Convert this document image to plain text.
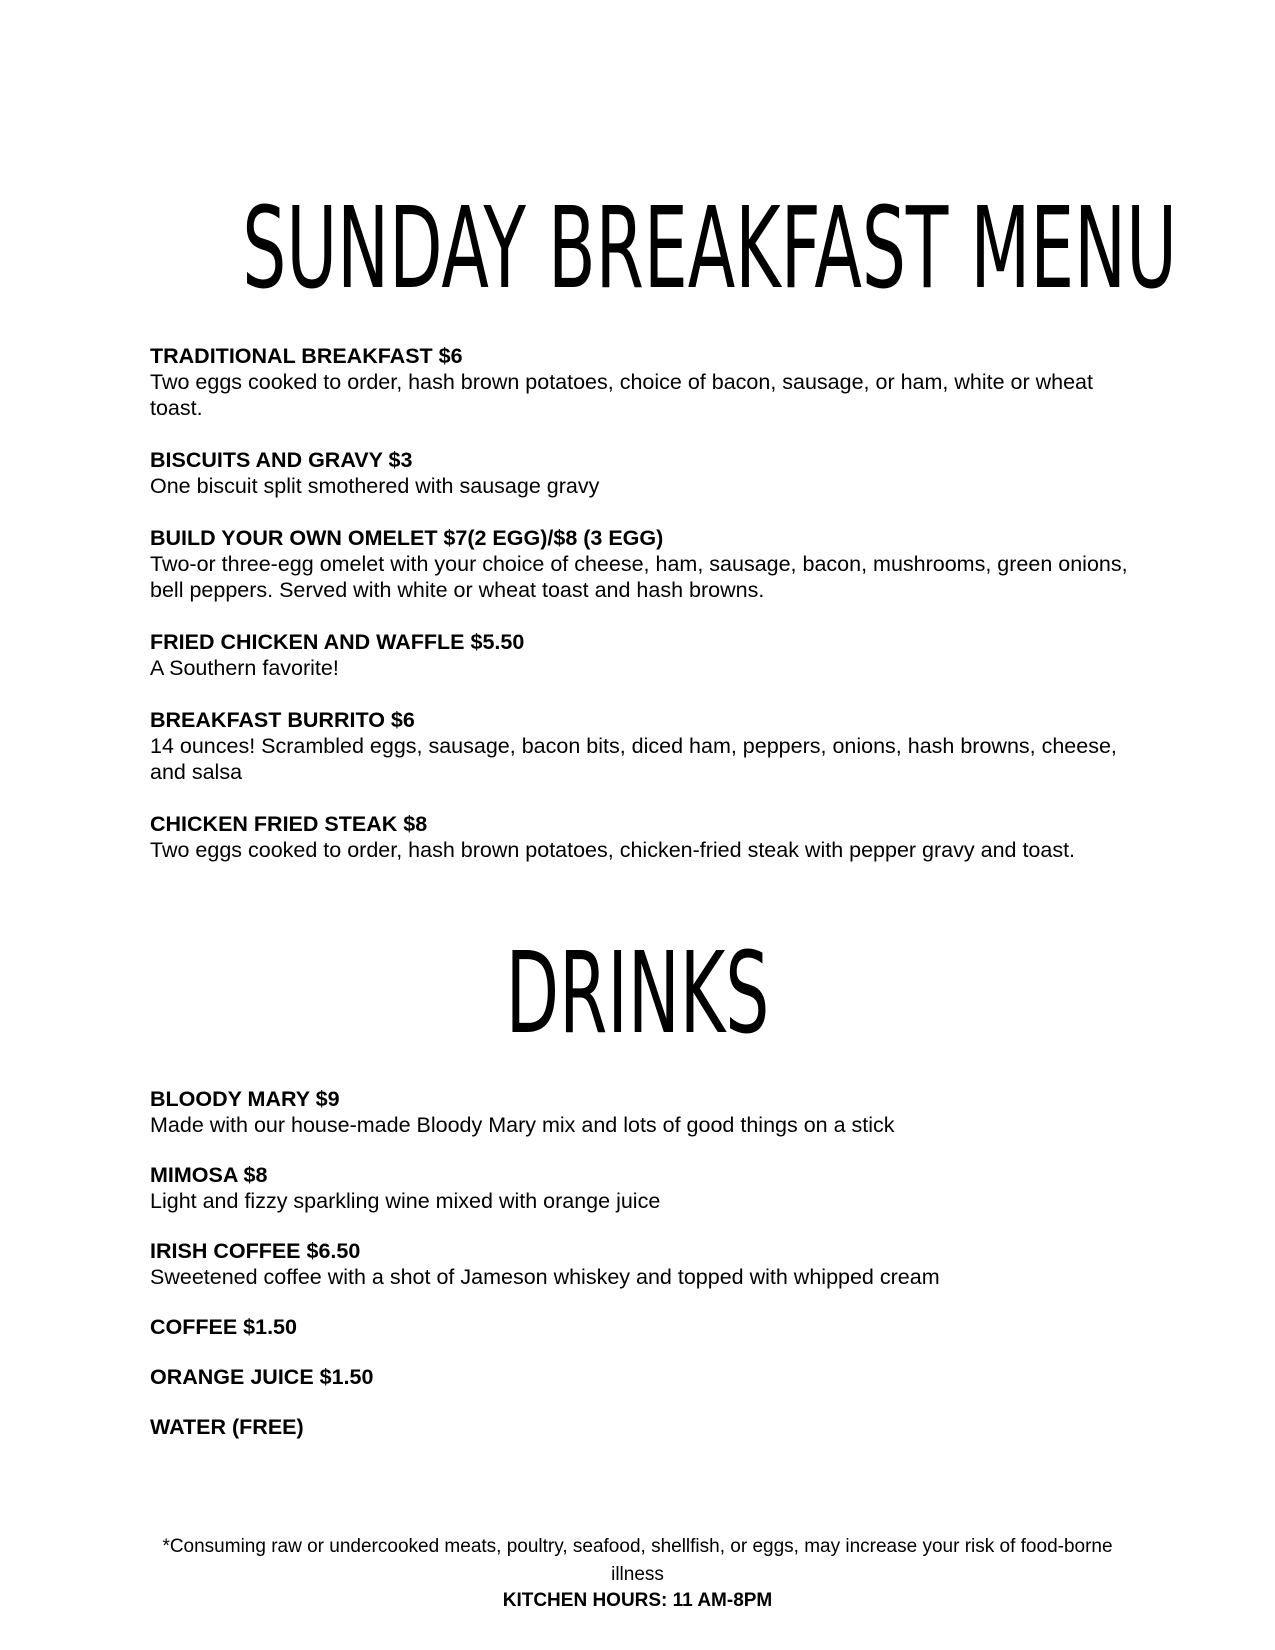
SUNDAY BREAKFAST MENU

TRADITIONAL BREAKFAST $6

Two eggs cooked to order, hash brown potatoes, choice of bacon, sausage, or ham, white or wheat toast.

BISCUITS AND GRAVY $3

One biscuit split smothered with sausage gravy

BUILD YOUR OWN OMELET $7(2 EGG)/$8 (3 EGG)

Two-or three-egg omelet with your choice of cheese, ham, sausage, bacon, mushrooms, green onions, bell peppers. Served with white or wheat toast and hash browns.

FRIED CHICKEN AND WAFFLE $5.50

A Southern favorite!

BREAKFAST BURRITO $6

14 ounces! Scrambled eggs, sausage, bacon bits, diced ham, peppers, onions, hash browns, cheese, and salsa

CHICKEN FRIED STEAK $8

Two eggs cooked to order, hash brown potatoes, chicken-fried steak with pepper gravy and toast.

DRINKS

BLOODY MARY $9

Made with our house-made Bloody Mary mix and lots of good things on a stick

MIMOSA $8

Light and fizzy sparkling wine mixed with orange juice

IRISH COFFEE $6.50

Sweetened coffee with a shot of Jameson whiskey and topped with whipped cream

COFFEE $1.50

ORANGE JUICE $1.50

WATER (FREE)

*Consuming raw or undercooked meats, poultry, seafood, shellfish, or eggs, may increase your risk of food-borne illness

KITCHEN HOURS: 11 AM-8PM
